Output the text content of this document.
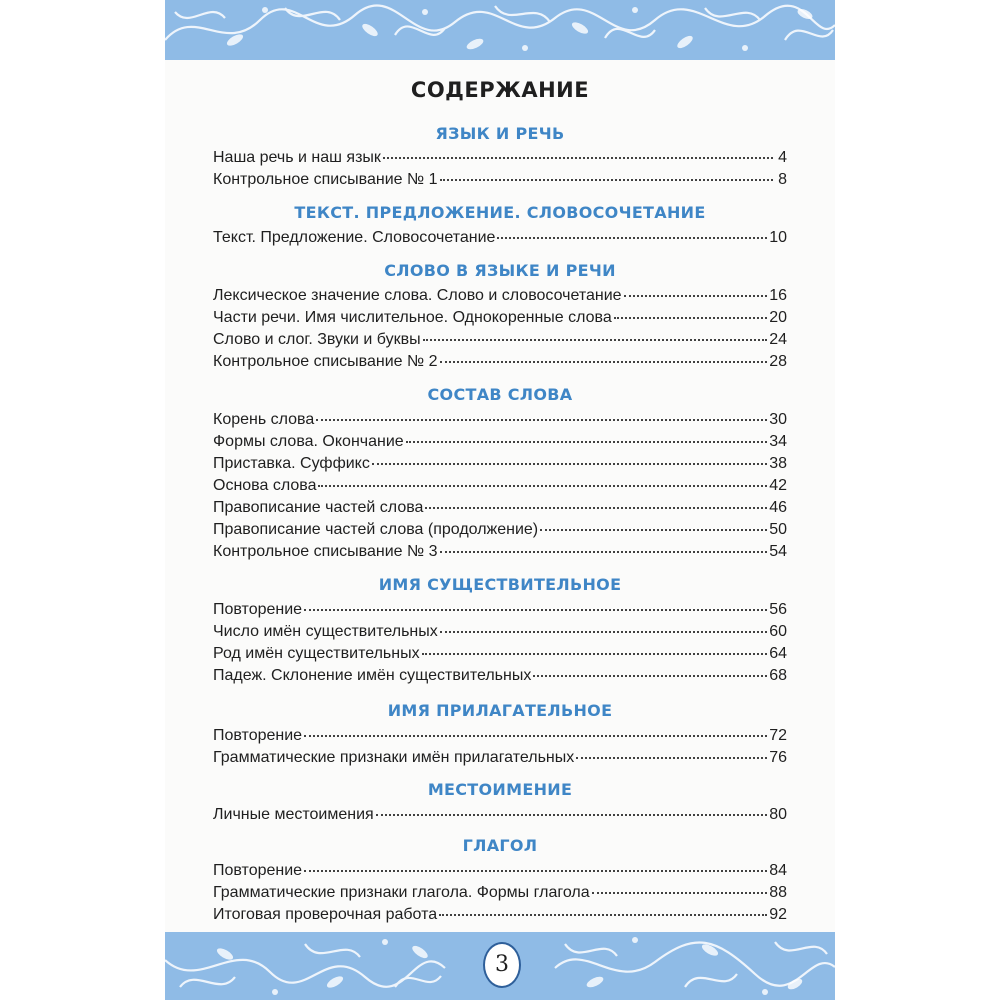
СОДЕРЖАНИЕ
ЯЗЫК И РЕЧЬ
Наша речь и наш язык	4
Контрольное списывание № 1	8
ТЕКСТ. ПРЕДЛОЖЕНИЕ. СЛОВОСОЧЕТАНИЕ
Текст. Предложение. Словосочетание	10
СЛОВО В ЯЗЫКЕ И РЕЧИ
Лексическое значение слова. Слово и словосочетание	16
Части речи. Имя числительное. Однокоренные слова	20
Слово и слог. Звуки и буквы	24
Контрольное списывание № 2	28
СОСТАВ СЛОВА
Корень слова	30
Формы слова. Окончание	34
Приставка. Суффикс	38
Основа слова	42
Правописание частей слова	46
Правописание частей слова (продолжение)	50
Контрольное списывание № 3	54
ИМЯ СУЩЕСТВИТЕЛЬНОЕ
Повторение	56
Число имён существительных	60
Род имён существительных	64
Падеж. Склонение имён существительных	68
ИМЯ ПРИЛАГАТЕЛЬНОЕ
Повторение	72
Грамматические признаки имён прилагательных	76
МЕСТОИМЕНИЕ
Личные местоимения	80
ГЛАГОЛ
Повторение	84
Грамматические признаки глагола. Формы глагола	88
Итоговая проверочная работа	92
3
